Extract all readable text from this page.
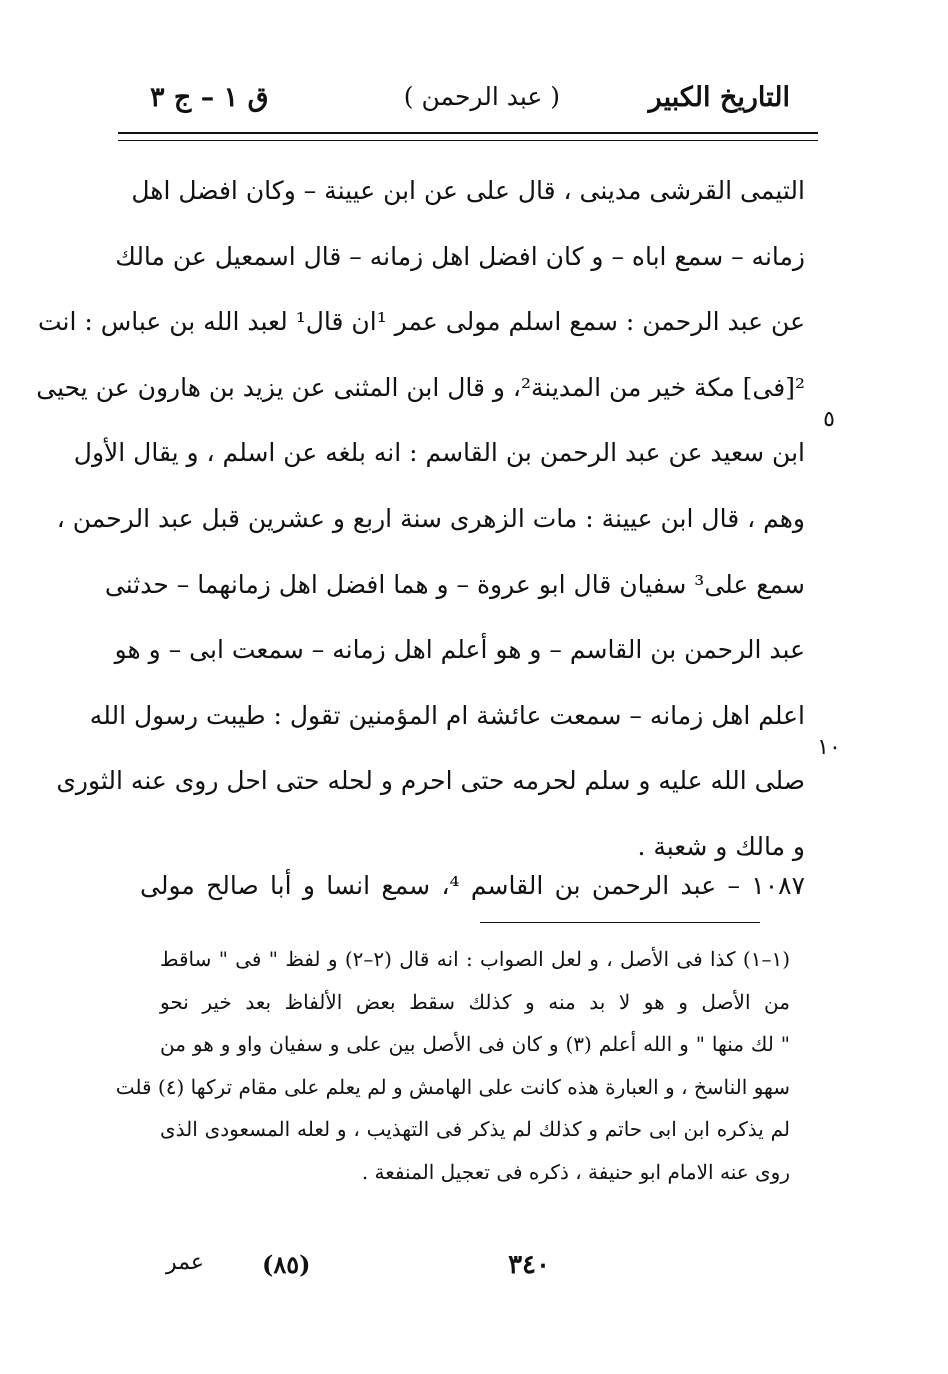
التاريخ الكبير
( عبد الرحمن )
ق ١ – ج ٣
التيمى القرشى مدينى ، قال على عن ابن عيينة – وكان افضل اهل
زمانه – سمع اباه – و كان افضل اهل زمانه – قال اسمعيل عن مالك
عن عبد الرحمن : سمع اسلم مولى عمر ¹ان قال¹ لعبد الله بن عباس : انت
²[فى] مكة خير من المدينة²، و قال ابن المثنى عن يزيد بن هارون عن يحيى
ابن سعيد عن عبد الرحمن بن القاسم : انه بلغه عن اسلم ، و يقال الأول
وهم ، قال ابن عيينة : مات الزهرى سنة اربع و عشرين قبل عبد الرحمن ،
سمع على³ سفيان قال ابو عروة – و هما افضل اهل زمانهما – حدثنى
عبد الرحمن بن القاسم – و هو أعلم اهل زمانه – سمعت ابى – و هو
اعلم اهل زمانه – سمعت عائشة ام المؤمنين تقول : طيبت رسول الله
صلى الله عليه و سلم لحرمه حتى احرم و لحله حتى احل روى عنه الثورى
و مالك و شعبة .
٥
١٠
١٠٨٧ – عبد الرحمن بن القاسم ⁴، سمع انسا و أبا صالح مولى
(١–١) كذا فى الأصل ، و لعل الصواب : انه قال (٢–٢) و لفظ " فى " ساقط
من الأصل و هو لا بد منه و كذلك سقط بعض الألفاظ بعد خير نحو
" لك منها " و الله أعلم (٣) و كان فى الأصل بين على و سفيان واو و هو من
سهو الناسخ ، و العبارة هذه كانت على الهامش و لم يعلم على مقام تركها (٤) قلت
لم يذكره ابن ابى حاتم و كذلك لم يذكر فى التهذيب ، و لعله المسعودى الذى
روى عنه الامام ابو حنيفة ، ذكره فى تعجيل المنفعة .
٣٤٠
(٨٥)
عمر
